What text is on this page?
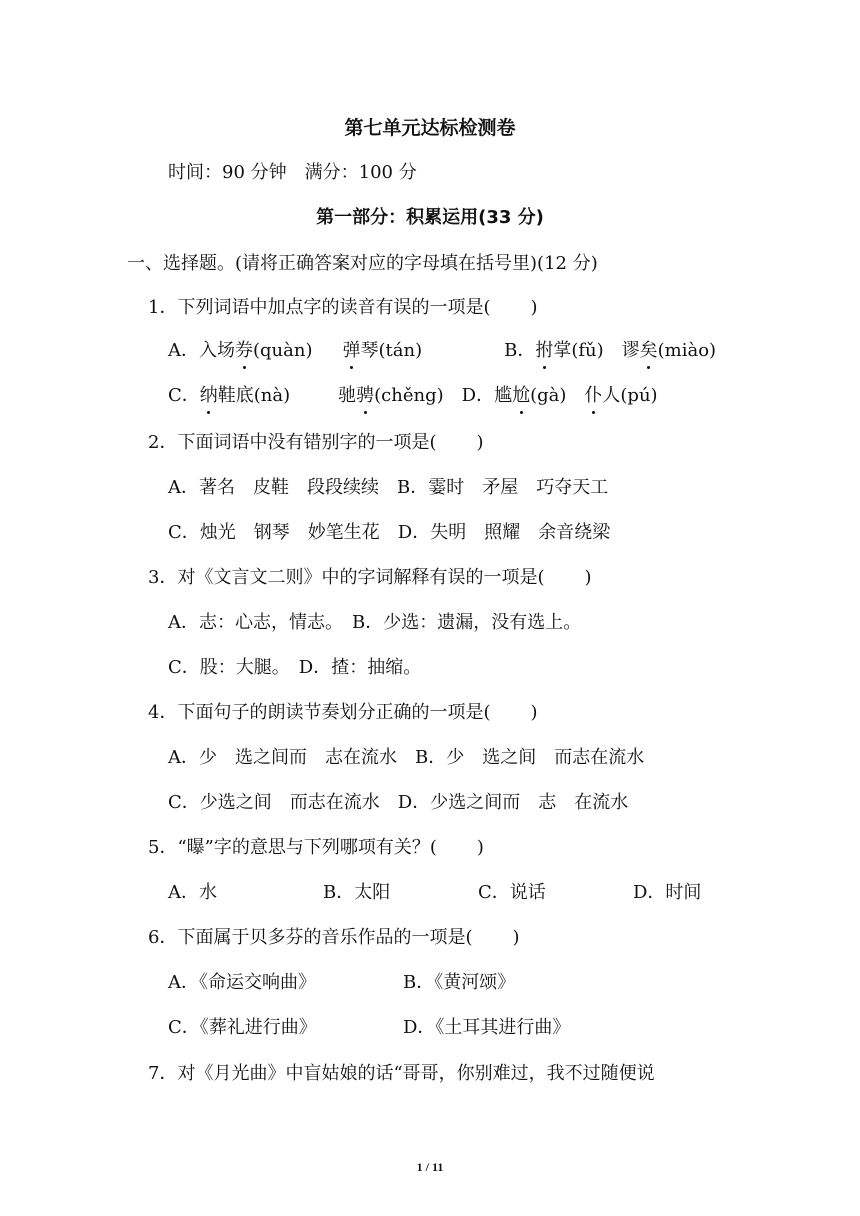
第七单元达标检测卷
时间：90 分钟　满分：100 分
第一部分：积累运用(33 分)
一、选择题。(请将正确答案对应的字母填在括号里)(12 分)
1．下列词语中加点字的读音有误的一项是( )
A．入场券(quàn) 弹琴(tán)	B．拊掌(fǔ) 谬矣(miào)
C．纳鞋底(nà)	驰骋(chěng) D．尴尬(gà) 仆人(pú)
2．下面词语中没有错别字的一项是( )
A．著名　皮鞋　段段续续　B．霎时　矛屋　巧夺天工
C．烛光　钢琴　妙笔生花　D．失明　照耀　余音绕梁
3．对《文言文二则》中的字词解释有误的一项是( )
A．志：心志，情志。　B．少选：遗漏，没有选上。
C．股：大腿。　D．揸：抽缩。
4．下面句子的朗读节奏划分正确的一项是( )
A．少　选之间而　志在流水　B．少　选之间　而志在流水
C．少选之间　而志在流水　D．少选之间而　志　在流水
5．“曝”字的意思与下列哪项有关？( )
A．水	B．太阳	C．说话	D．时间
6．下面属于贝多芬的音乐作品的一项是( )
A．《命运交响曲》	B．《黄河颂》
C．《葬礼进行曲》	D．《土耳其进行曲》
7．对《月光曲》中盲姑娘的话“哥哥，你别难过，我不过随便说
1 / 11
